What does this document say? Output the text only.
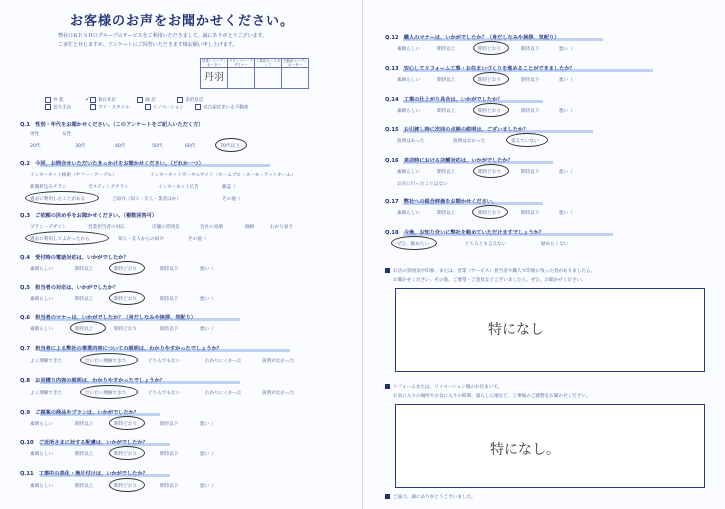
お客様のお声をお聞かせください。
弊社ＯＫＥＳＨＯグループのサービスをご利用いただきまして、誠にありがとうございます。
ご多忙と存じますが、アンケートにご回答いただきます様お願い申し上げます。
営業・コーディネーター	プランナー・デザイナー	工事担当・スタッフ	不動産コーディネーター
丹羽			
外 装	✓ 春日井店	緑 店	多治見店
長久手店	アイ・スタイル	リノベーション	名古屋住まいる不動産
Q.1　性別・年代をお聞かせください。（このアンケートをご記入いただく方）
男性	女性
20代	30代	40代	50代	60代	70代以上
Q.2　今回、お問合せいただいたきっかけをお聞かせください。（どれか一つ）
インターネット検索（ヤフー・グーグル）	インターネットポータルサイト（ホームプロ・スーモ・アットホーム）
新聞折込みチラシ	ポスティングチラシ	インターネット広告	雑誌（
過去に利用したことがある	ご紹介（知人・友人・業者ほか）	その他（
Q.3　ご依頼の決め手をお聞かせください。（複数回答可）
プラン・デザイン	営業担当者の対応	店舗の雰囲気	会社の実績	価格	わかり易さ
過去に利用してよかったから	知人・友人からの紹介	その他（
Q.4　受付時の電話対応は、いかがでしたか？
素晴らしい	期待以上	期待どおり	期待以下	悪い（
Q.5　担当者の対応は、いかがでしたか？
素晴らしい	期待以上	期待どおり	期待以下	悪い（
Q.6　担当者のマナーは、いかがでしたか？（身だしなみや挨拶、気配り）
素晴らしい	期待以上	期待どおり	期待以下	悪い（
Q.7　担当者による弊社の事業内容についての説明は、わかりやすかったでしょうか？
よく理解できた	だいたい理解できた	どちらでもない	わかりにくかった	説明がなかった
Q.8　お見積り内容の説明は、わかりやすかったでしょうか？
よく理解できた	だいたい理解できた	どちらでもない	わかりにくかった	説明がなかった
Q.9　ご提案の商品やプランは、いかがでしたか？
素晴らしい	期待以上	期待どおり	期待以下	悪い（
Q.10　ご近所さまに対する配慮は、いかがでしたか？
素晴らしい	期待以上	期待どおり	期待以下	悪い（
Q.11　工事中の美化・後片付けは、いかがでしたか？
素晴らしい	期待以上	期待どおり	期待以下	悪い（
Q.12　職人のマナーは、いかがでしたか？（身だしなみや挨拶、気配り）
素晴らしい	期待以上	期待どおり	期待以下	悪い（
Q.13　安心してリフォーム工事・お住まいづくりを進めることができましたか？
素晴らしい	期待以上	期待どおり	期待以下	悪い（
Q.14　工事の仕上がり具合は、いかがでしたか？
素晴らしい	期待以上	期待どおり	期待以下	悪い（
Q.15　お引渡し時に次回の点検の説明は、ございましたか？
説明はあった	説明はなかった	覚えていない
Q.16　来店時における店舗対応は、いかがでしたか？
素晴らしい	期待以上	期待どおり	期待以下	悪い（
お店に行ったことはない
Q.17　弊社への総合評価をお聞かせください。
素晴らしい	期待以上	期待どおり	期待以下	悪い（
Q.18　今後、お知り合いに弊社を勧めていただけますでしょうか？
ぜひ、勧めたい	どちらとも言えない	勧めたくない
お店の雰囲気や印象、または、営業（サービス）担当者や職人で印象に残った者がありましたら、
お聞かせください。その他、ご要望・ご意見などございましたら、ぜひ、お聞かせください。
特になし
リフォームまたは、リノベーション後のお住まいで、
お気に入りの場所やお気に入りの時間、暮らし心地など、工事後のご感想をお聞かせください。
特になし。
ご協力、誠にありがとうございました。
